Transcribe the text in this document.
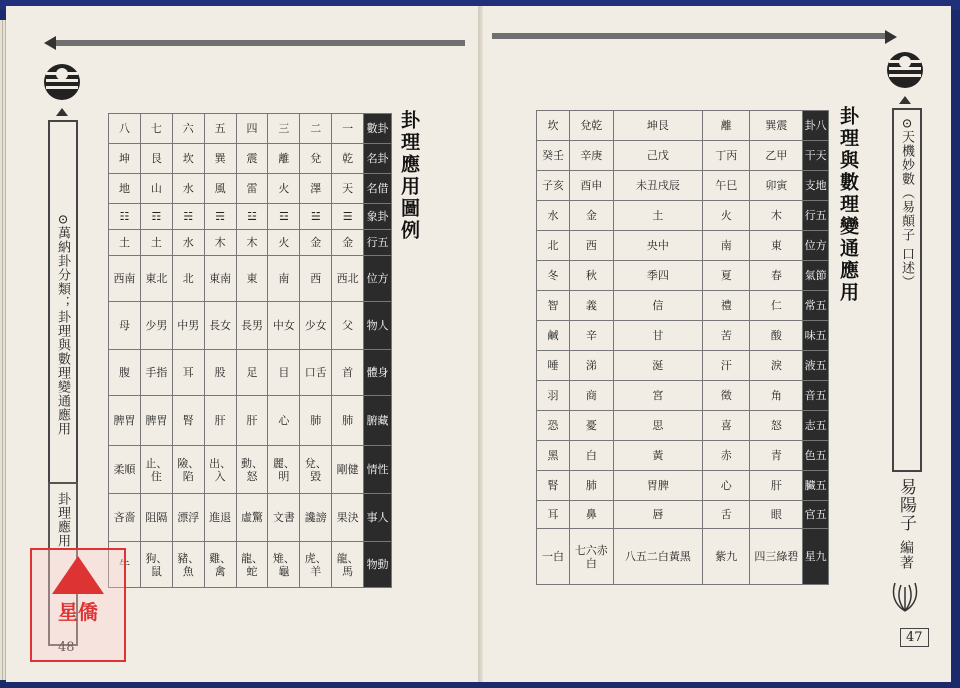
⊙萬納卦分類；卦理與數理變通應用
卦理應用
48
卦理應用圖例
八	七	六	五	四	三	二	一	數卦
坤	艮	坎	巽	震	離	兌	乾	名卦
地	山	水	風	雷	火	澤	天	名借
☷	☶	☵	☴	☳	☲	☱	☰	象卦
土	土	水	木	木	火	金	金	行五
西南	東北	北	東南	東	南	西	西北	位方
母	少男	中男	長女	長男	中女	少女	父	物人
腹	手指	耳	股	足	目	口舌	首	體身
脾胃	脾胃	腎	肝	肝	心	肺	肺	腑藏
柔順	止、住	險、陷	出、入	動、怒	麗、明	兌、毀	剛健	情性
吝嗇	阻隔	漂浮	進退	虛驚	文書	讒謗	果決	事人
牛	狗、鼠	豬、魚	雞、禽	龍、蛇	雉、龜	虎、羊	龍、馬	物動
NCC
星僑
⊙天機妙數（易顛子 口述）
易陽子
編著
47
卦理與數理變通應用
坎	兌乾	坤艮	離	巽震	卦八
癸壬	辛庚	己戊	丁丙	乙甲	干天
子亥	酉申	未丑戌辰	午巳	卯寅	支地
水	金	土	火	木	行五
北	西	央中	南	東	位方
冬	秋	季四	夏	春	氣節
智	義	信	禮	仁	常五
鹹	辛	甘	苦	酸	味五
唾	涕	涎	汗	淚	液五
羽	商	宮	徵	角	音五
恐	憂	思	喜	怒	志五
黑	白	黃	赤	青	色五
腎	肺	胃脾	心	肝	臟五
耳	鼻	唇	舌	眼	官五
一白	七六赤白	八五二白黃黑	紫九	四三綠碧	星九
